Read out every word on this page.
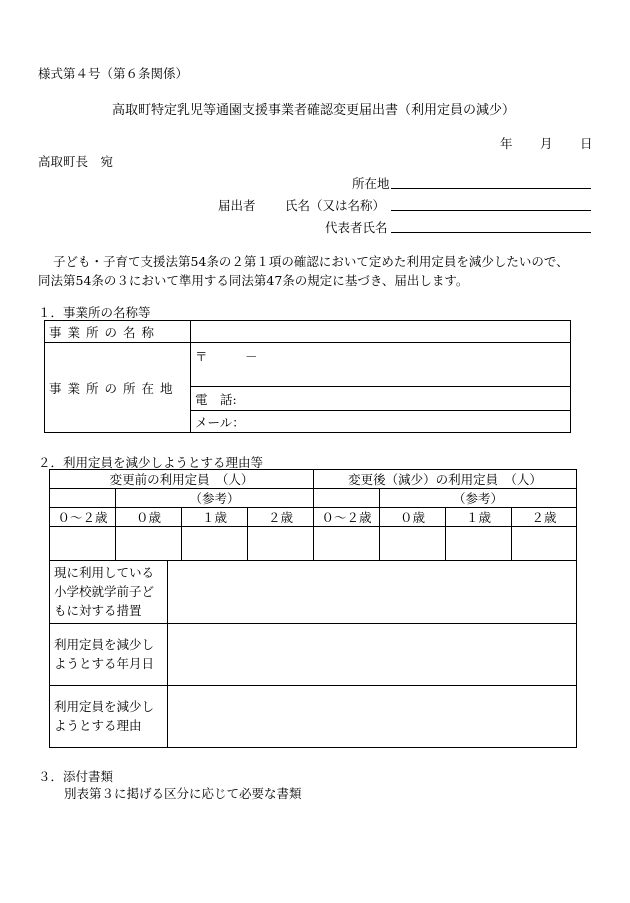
様式第４号（第６条関係）
高取町特定乳児等通園支援事業者確認変更届出書（利用定員の減少）
年 月 日
高取町長　宛
所在地
届出者 氏名（又は名称）
代表者氏名
子ども・子育て支援法第54条の２第１項の確認において定めた利用定員を減少したいので、
同法第54条の３において準用する同法第47条の規定に基づき、届出します。
１．事業所の名称等
事業所の名称	
事業所の所在地	〒　　　－
	電　話:
	メール：
２．利用定員を減少しようとする理由等
変更前の利用定員　（人）				変更後（減少）の利用定員　（人）			
	（参考）				（参考）		
０～２歳	０歳	１歳	２歳	０～２歳	０歳	１歳	２歳

現に利用している小学校就学前子どもに対する措置	
利用定員を減少しようとする年月日	
利用定員を減少しようとする理由	
３．添付書類
別表第３に掲げる区分に応じて必要な書類
